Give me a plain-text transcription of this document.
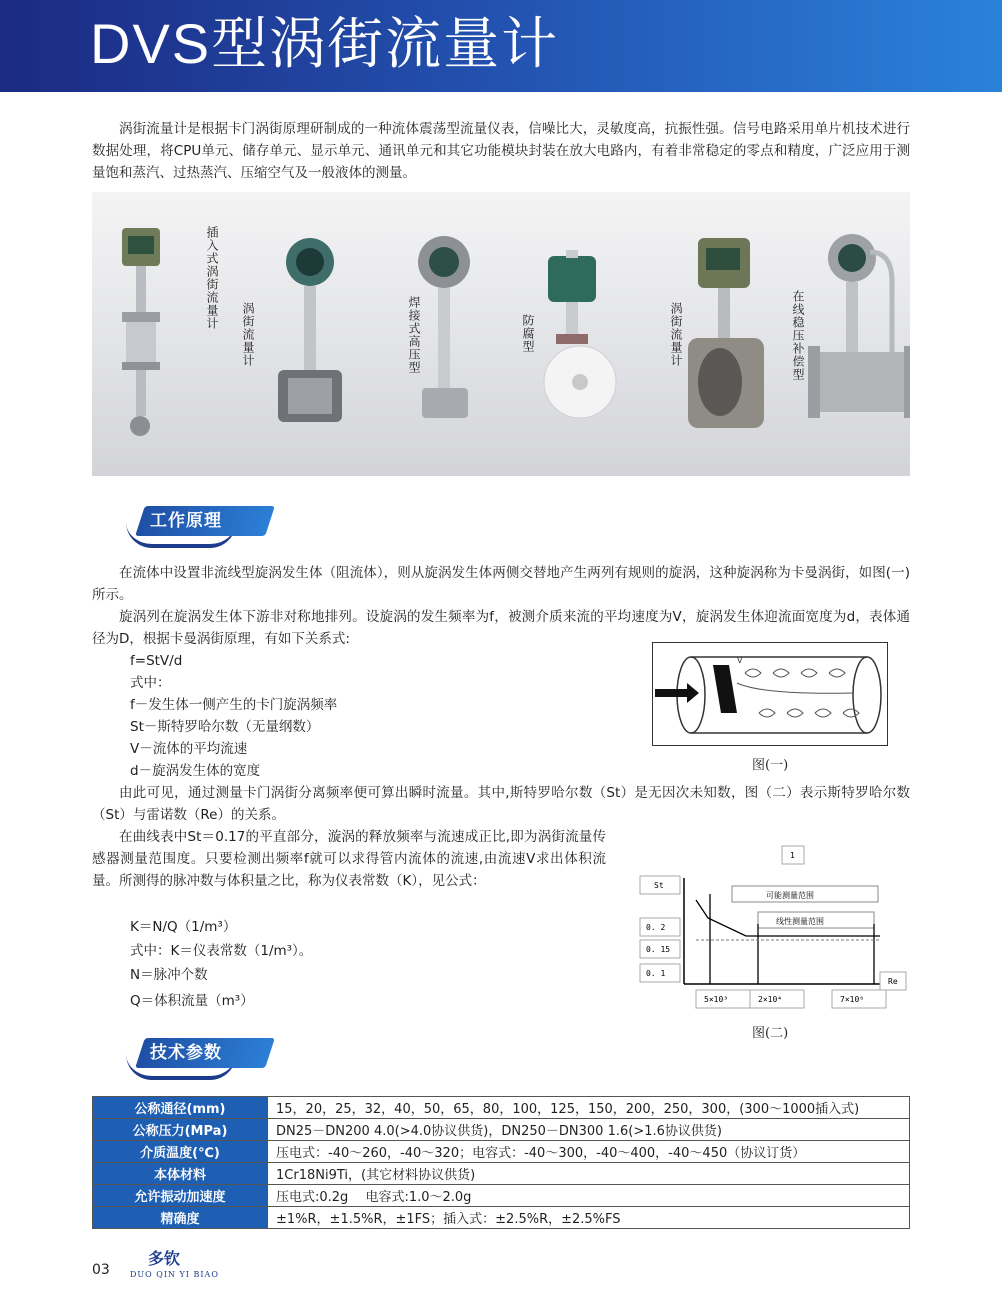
DVS型涡街流量计

涡街流量计是根据卡门涡街原理研制成的一种流体震荡型流量仪表，信噪比大，灵敏度高，抗振性强。信号电路采用单片机技术进行数据处理，将CPU单元、储存单元、显示单元、通讯单元和其它功能模块封装在放大电路内，有着非常稳定的零点和精度，广泛应用于测量饱和蒸汽、过热蒸汽、压缩空气及一般液体的测量。

插入式涡街流量计
涡街流量计	焊接式高压型	防腐型	涡街流量计	在线稳压补偿型
工作原理

在流体中设置非流线型旋涡发生体（阻流体），则从旋涡发生体两侧交替地产生两列有规则的旋涡，这种旋涡称为卡曼涡街，如图(一)所示。

旋涡列在旋涡发生体下游非对称地排列。设旋涡的发生频率为f，被测介质来流的平均速度为V，旋涡发生体迎流面宽度为d，表体通径为D，根据卡曼涡街原理，有如下关系式:

f=StV/d
式中：
f－发生体一侧产生的卡门旋涡频率
St－斯特罗哈尔数（无量纲数）
V－流体的平均流速
d－旋涡发生体的宽度
V
图(一)

由此可见，通过测量卡门涡街分离频率便可算出瞬时流量。其中,斯特罗哈尔数（St）是无因次未知数，图（二）表示斯特罗哈尔数（St）与雷诺数（Re）的关系。

在曲线表中St＝0.17的平直部分，漩涡的释放频率与流速成正比,即为涡街流量传感器测量范围度。只要检测出频率f就可以求得管内流体的流速,由流速V求出体积流量。所测得的脉冲数与体积量之比，称为仪表常数（K），见公式：

K＝N/Q（1/m³）
式中：K＝仪表常数（1/m³）。
N＝脉冲个数
Q＝体积流量（m³）
1
St
0. 2
0. 15
0. 1
可能测量范围
线性测量范围
Re
5×10³	2×10⁴	7×10⁶
图(二)
技术参数
公称通径(mm)	15，20，25，32，40，50，65，80，100，125，150，200，250，300，(300～1000插入式)
公称压力(MPa)	DN25－DN200 4.0(>4.0协议供货)，DN250－DN300 1.6(>1.6协议供货)
介质温度(℃)	压电式：-40～260，-40～320；电容式：-40～300，-40～400，-40～450（协议订货）
本体材料	1Cr18Ni9Ti，(其它材料协议供货)
允许振动加速度	压电式:0.2g　 电容式:1.0～2.0g
精确度	±1%R，±1.5%R，±1FS；插入式：±2.5%R，±2.5%FS
03
多钦
DUO QIN YI BIAO
